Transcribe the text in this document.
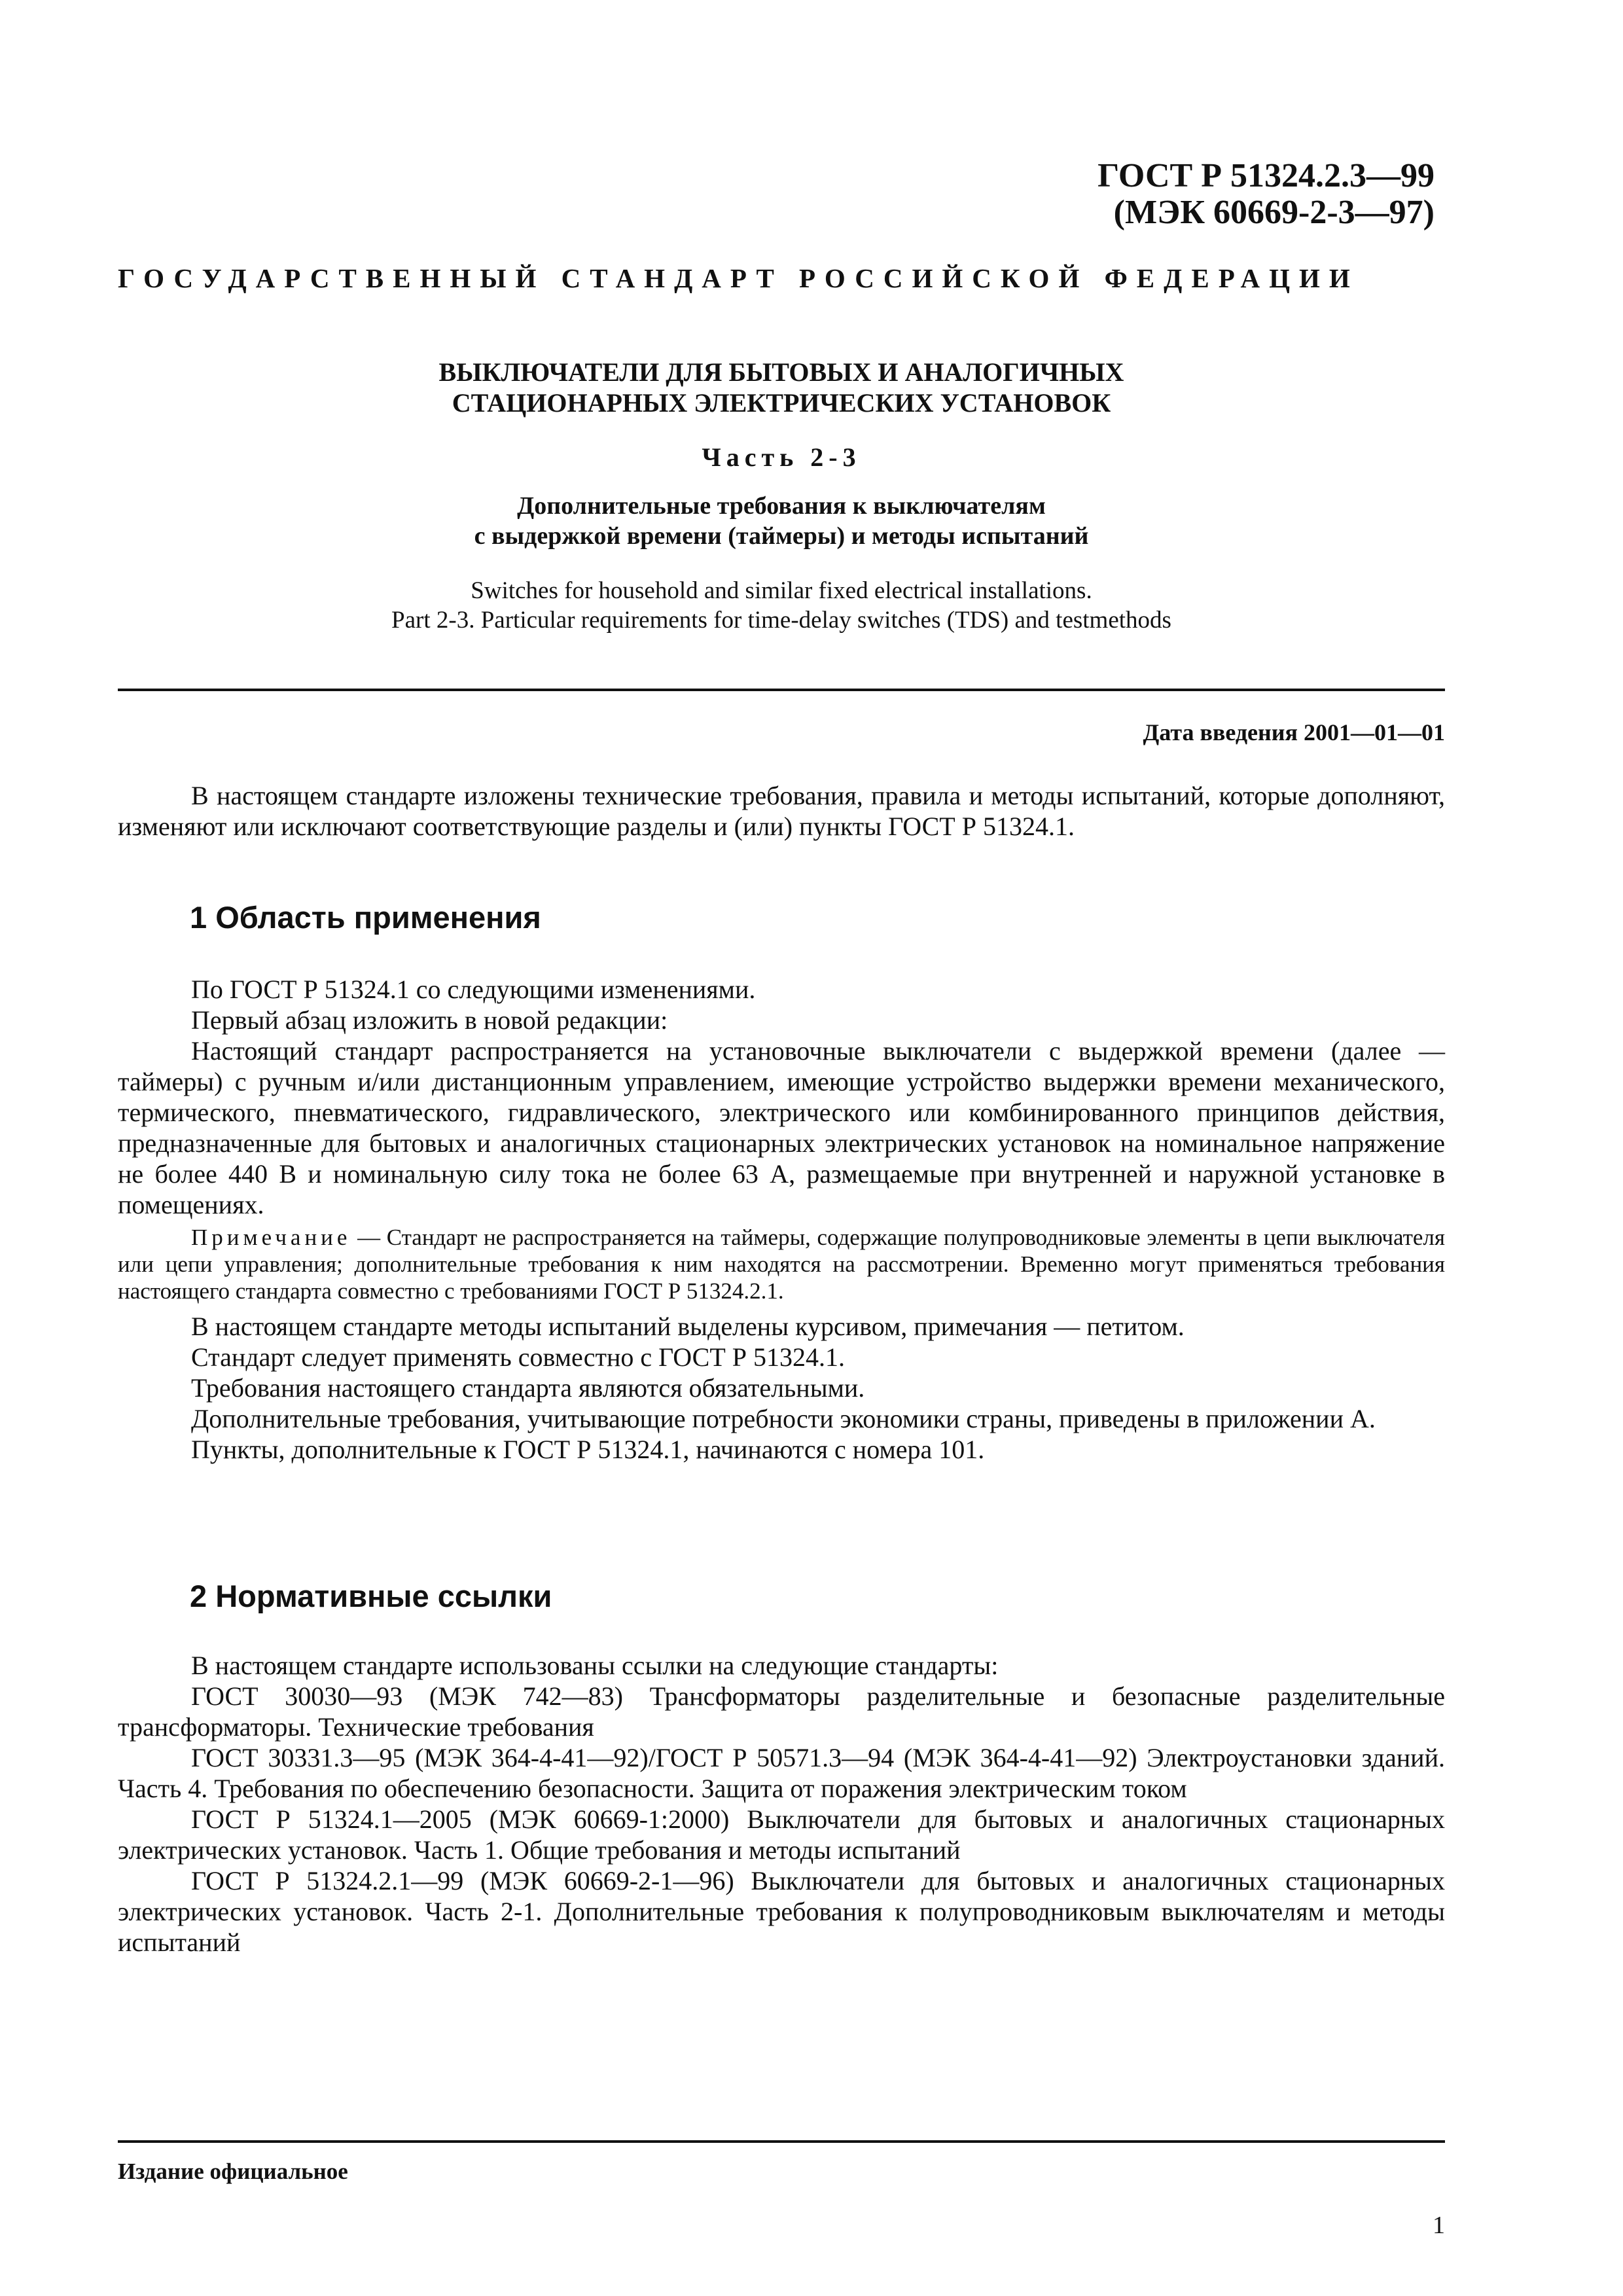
ГОСТ Р 51324.2.3—99
(МЭК 60669-2-3—97)
ГОСУДАРСТВЕННЫЙ СТАНДАРТ РОССИЙСКОЙ ФЕДЕРАЦИИ
ВЫКЛЮЧАТЕЛИ ДЛЯ БЫТОВЫХ И АНАЛОГИЧНЫХ
СТАЦИОНАРНЫХ ЭЛЕКТРИЧЕСКИХ УСТАНОВОК
Часть 2-3
Дополнительные требования к выключателям
с выдержкой времени (таймеры) и методы испытаний
Switches for household and similar fixed electrical installations.
Part 2-3. Particular requirements for time-delay switches (TDS) and testmethods
Дата введения 2001—01—01

В настоящем стандарте изложены технические требования, правила и методы испытаний, которые дополняют, изменяют или исключают соответствующие разделы и (или) пункты ГОСТ Р 51324.1.

1 Область применения

По ГОСТ Р 51324.1 со следующими изменениями.

Первый абзац изложить в новой редакции:

Настоящий стандарт распространяется на установочные выключатели с выдержкой времени (далее — таймеры) с ручным и/или дистанционным управлением, имеющие устройство выдержки времени механического, термического, пневматического, гидравлического, электрического или комбинированного принципов действия, предназначенные для бытовых и аналогичных стационарных электрических установок на номинальное напряжение не более 440 В и номинальную силу тока не более 63 А, размещаемые при внутренней и наружной установке в помещениях.

Примечание — Стандарт не распространяется на таймеры, содержащие полупроводниковые элементы в цепи выключателя или цепи управления; дополнительные требования к ним находятся на рассмотрении. Временно могут применяться требования настоящего стандарта совместно с требованиями ГОСТ Р 51324.2.1.

В настоящем стандарте методы испытаний выделены курсивом, примечания — петитом.

Стандарт следует применять совместно с ГОСТ Р 51324.1.

Требования настоящего стандарта являются обязательными.

Дополнительные требования, учитывающие потребности экономики страны, приведены в приложении А.

Пункты, дополнительные к ГОСТ Р 51324.1, начинаются с номера 101.

2 Нормативные ссылки

В настоящем стандарте использованы ссылки на следующие стандарты:

ГОСТ 30030—93 (МЭК 742—83) Трансформаторы разделительные и безопасные разделительные трансформаторы. Технические требования

ГОСТ 30331.3—95 (МЭК 364-4-41—92)/ГОСТ Р 50571.3—94 (МЭК 364-4-41—92) Электроустановки зданий. Часть 4. Требования по обеспечению безопасности. Защита от поражения электрическим током

ГОСТ Р 51324.1—2005 (МЭК 60669-1:2000) Выключатели для бытовых и аналогичных стационарных электрических установок. Часть 1. Общие требования и методы испытаний

ГОСТ Р 51324.2.1—99 (МЭК 60669-2-1—96) Выключатели для бытовых и аналогичных стационарных электрических установок. Часть 2-1. Дополнительные требования к полупроводниковым выключателям и методы испытаний

Издание официальное
1
